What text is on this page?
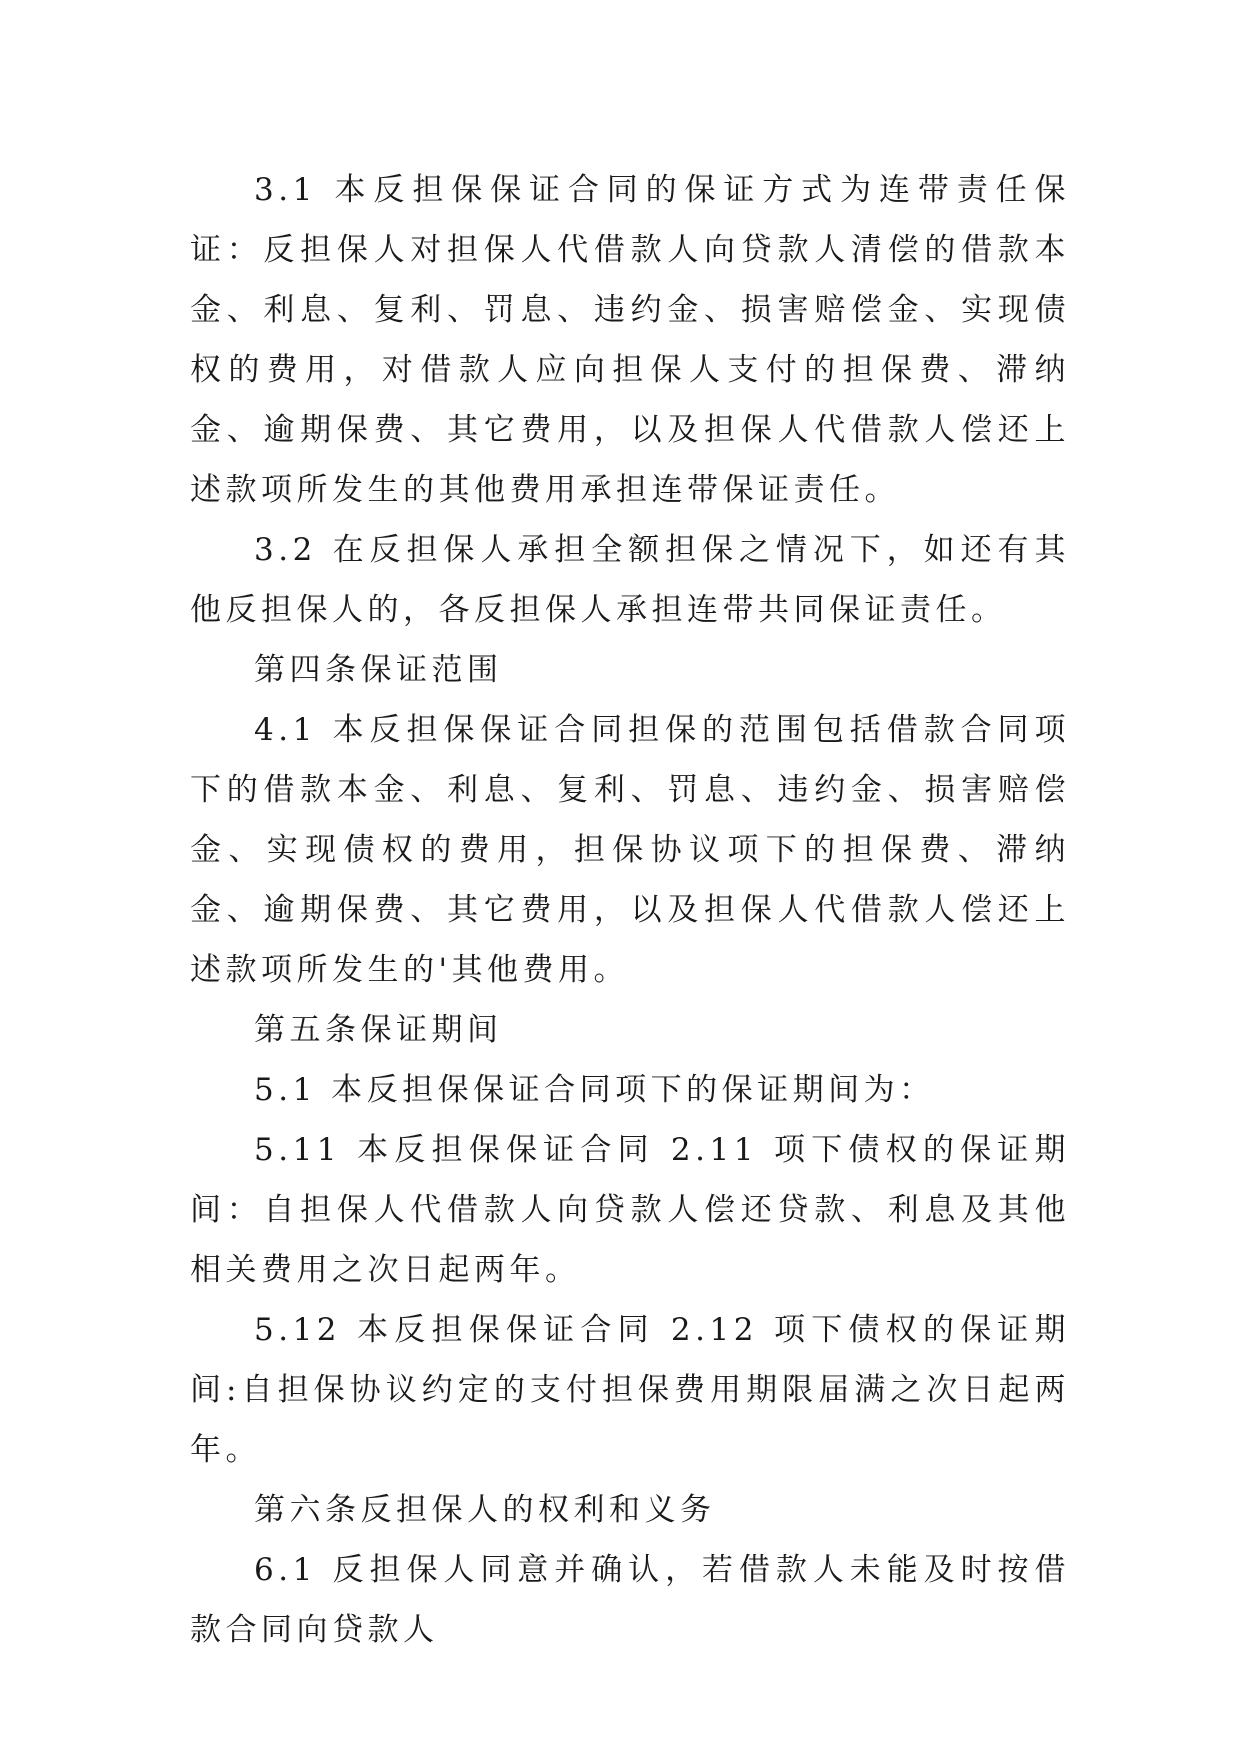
3.1 本反担保保证合同的保证方式为连带责任保证：反担保人对担保人代借款人向贷款人清偿的借款本金、利息、复利、罚息、违约金、损害赔偿金、实现债权的费用，对借款人应向担保人支付的担保费、滞纳金、逾期保费、其它费用，以及担保人代借款人偿还上述款项所发生的其他费用承担连带保证责任。

3.2 在反担保人承担全额担保之情况下，如还有其他反担保人的，各反担保人承担连带共同保证责任。

第四条保证范围

4.1 本反担保保证合同担保的范围包括借款合同项下的借款本金、利息、复利、罚息、违约金、损害赔偿金、实现债权的费用，担保协议项下的担保费、滞纳金、逾期保费、其它费用，以及担保人代借款人偿还上述款项所发生的'其他费用。

第五条保证期间

5.1 本反担保保证合同项下的保证期间为：

5.11 本反担保保证合同 2.11 项下债权的保证期间：自担保人代借款人向贷款人偿还贷款、利息及其他相关费用之次日起两年。

5.12 本反担保保证合同 2.12 项下债权的保证期间:自担保协议约定的支付担保费用期限届满之次日起两年。

第六条反担保人的权利和义务

6.1 反担保人同意并确认，若借款人未能及时按借款合同向贷款人
